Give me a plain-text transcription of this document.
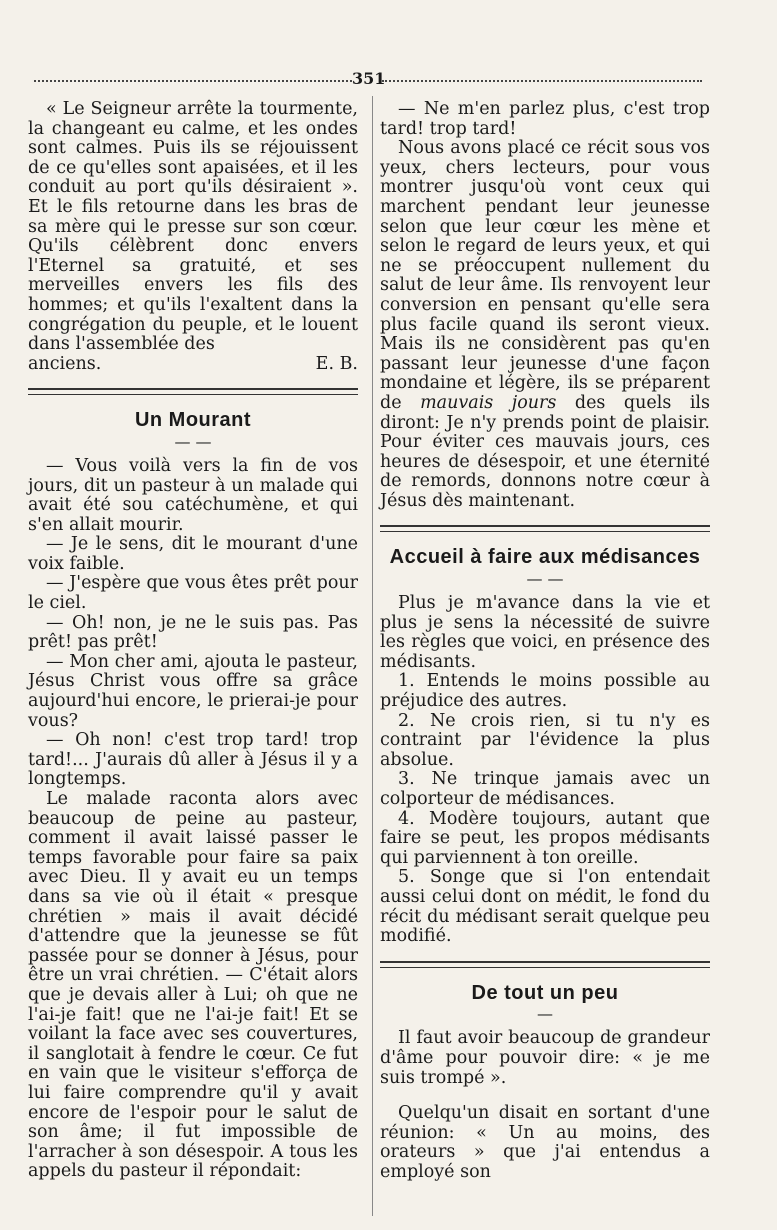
351

« Le Seigneur arrête la tourmente, la changeant eu calme, et les ondes sont calmes. Puis ils se réjouissent de ce qu'elles sont apaisées, et il les conduit au port qu'ils désiraient ». Et le fils retourne dans les bras de sa mère qui le presse sur son cœur. Qu'ils célèbrent donc envers l'Eternel sa gratuité, et ses merveilles envers les fils des hommes; et qu'ils l'exaltent dans la congrégation du peuple, et le louent dans l'assemblée des

anciens.	E. B.
Un Mourant
— —

— Vous voilà vers la fin de vos jours, dit un pasteur à un malade qui avait été sou catéchumène, et qui s'en allait mourir.

— Je le sens, dit le mourant d'une voix faible.

— J'espère que vous êtes prêt pour le ciel.

— Oh! non, je ne le suis pas. Pas prêt! pas prêt!

— Mon cher ami, ajouta le pasteur, Jésus Christ vous offre sa grâce aujourd'hui encore, le prierai-je pour vous?

— Oh non! c'est trop tard! trop tard!... J'aurais dû aller à Jésus il y a longtemps.

Le malade raconta alors avec beaucoup de peine au pasteur, comment il avait laissé passer le temps favorable pour faire sa paix avec Dieu. Il y avait eu un temps dans sa vie où il était « presque chrétien » mais il avait décidé d'attendre que la jeunesse se fût passée pour se donner à Jésus, pour être un vrai chrétien. — C'était alors que je devais aller à Lui; oh que ne l'ai-je fait! que ne l'ai-je fait! Et se voilant la face avec ses couvertures, il sanglotait à fendre le cœur. Ce fut en vain que le visiteur s'efforça de lui faire comprendre qu'il y avait encore de l'espoir pour le salut de son âme; il fut impossible de l'arracher à son désespoir. A tous les appels du pasteur il répondait:

— Ne m'en parlez plus, c'est trop tard! trop tard!

Nous avons placé ce récit sous vos yeux, chers lecteurs, pour vous montrer jusqu'où vont ceux qui marchent pendant leur jeunesse selon que leur cœur les mène et selon le regard de leurs yeux, et qui ne se préoccupent nullement du salut de leur âme. Ils renvoyent leur conversion en pensant qu'elle sera plus facile quand ils seront vieux. Mais ils ne considèrent pas qu'en passant leur jeunesse d'une façon mondaine et légère, ils se préparent de mauvais jours des quels ils diront: Je n'y prends point de plaisir. Pour éviter ces mauvais jours, ces heures de désespoir, et une éternité de remords, donnons notre cœur à Jésus dès maintenant.

Accueil à faire aux médisances
— —

Plus je m'avance dans la vie et plus je sens la nécessité de suivre les règles que voici, en présence des médisants.

1. Entends le moins possible au préjudice des autres.

2. Ne crois rien, si tu n'y es contraint par l'évidence la plus absolue.

3. Ne trinque jamais avec un colporteur de médisances.

4. Modère toujours, autant que faire se peut, les propos médisants qui parviennent à ton oreille.

5. Songe que si l'on entendait aussi celui dont on médit, le fond du récit du médisant serait quelque peu modifié.

De tout un peu
—

Il faut avoir beaucoup de grandeur d'âme pour pouvoir dire: « je me suis trompé ».

Quelqu'un disait en sortant d'une réunion: « Un au moins, des orateurs » que j'ai entendus a employé son
